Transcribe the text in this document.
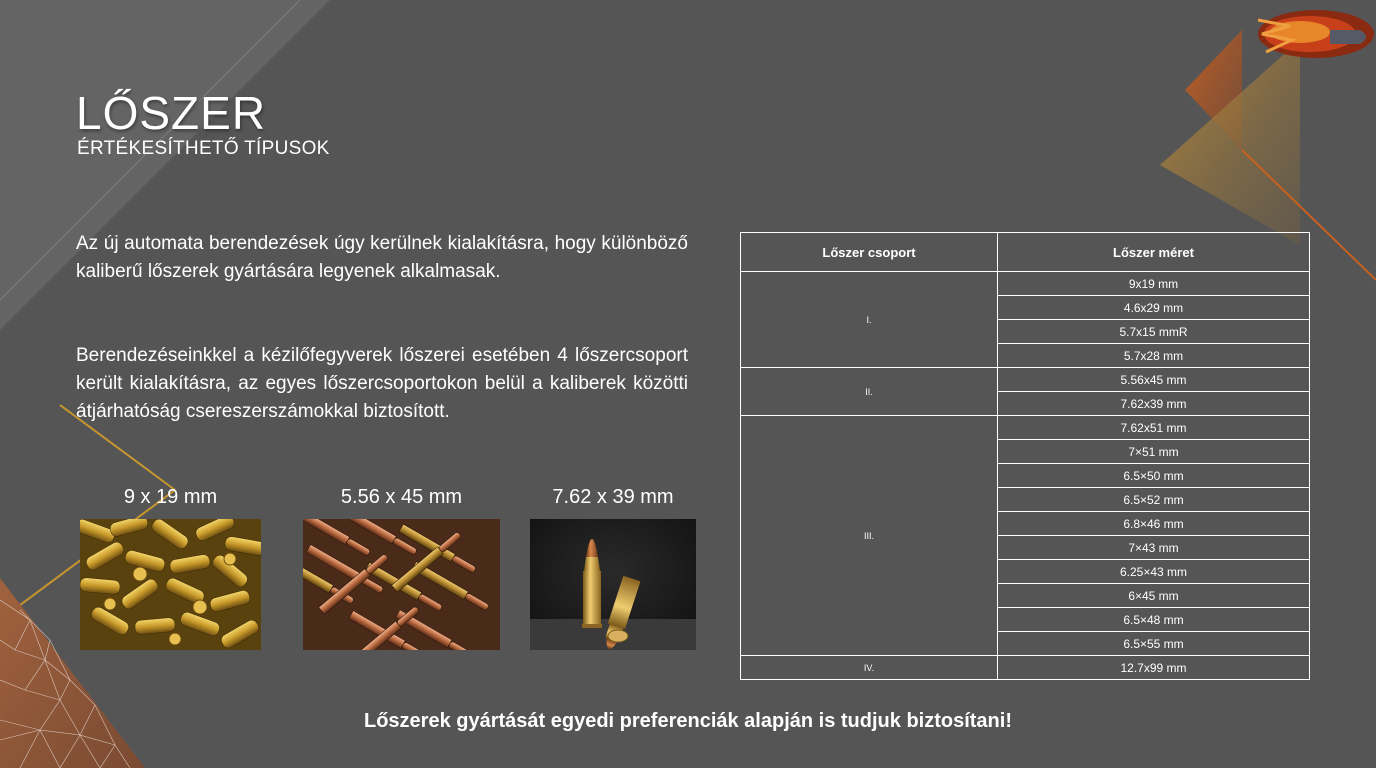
LŐSZER
ÉRTÉKESÍTHETŐ TÍPUSOK
Az új automata berendezések úgy kerülnek kialakításra, hogy különböző kaliberű lőszerek gyártására legyenek alkalmasak.
Berendezéseinkkel a kézilőfegyverek lőszerei esetében 4 lőszercsoport került kialakításra, az egyes lőszercsoportokon belül a kaliberek közötti átjárhatóság csereszerszámokkal biztosított.
9 x 19 mm	5.56 x 45 mm	7.62 x 39 mm
Lőszer csoport	Lőszer méret
I.	9x19 mm
	4.6x29 mm
	5.7x15 mmR
	5.7x28 mm
II.	5.56x45 mm
	7.62x39 mm
III.	7.62x51 mm
	7×51 mm
	6.5×50 mm
	6.5×52 mm
	6.8×46 mm
	7×43 mm
	6.25×43 mm
	6×45 mm
	6.5×48 mm
	6.5×55 mm
IV.	12.7x99 mm
Lőszerek gyártását egyedi preferenciák alapján is tudjuk biztosítani!
